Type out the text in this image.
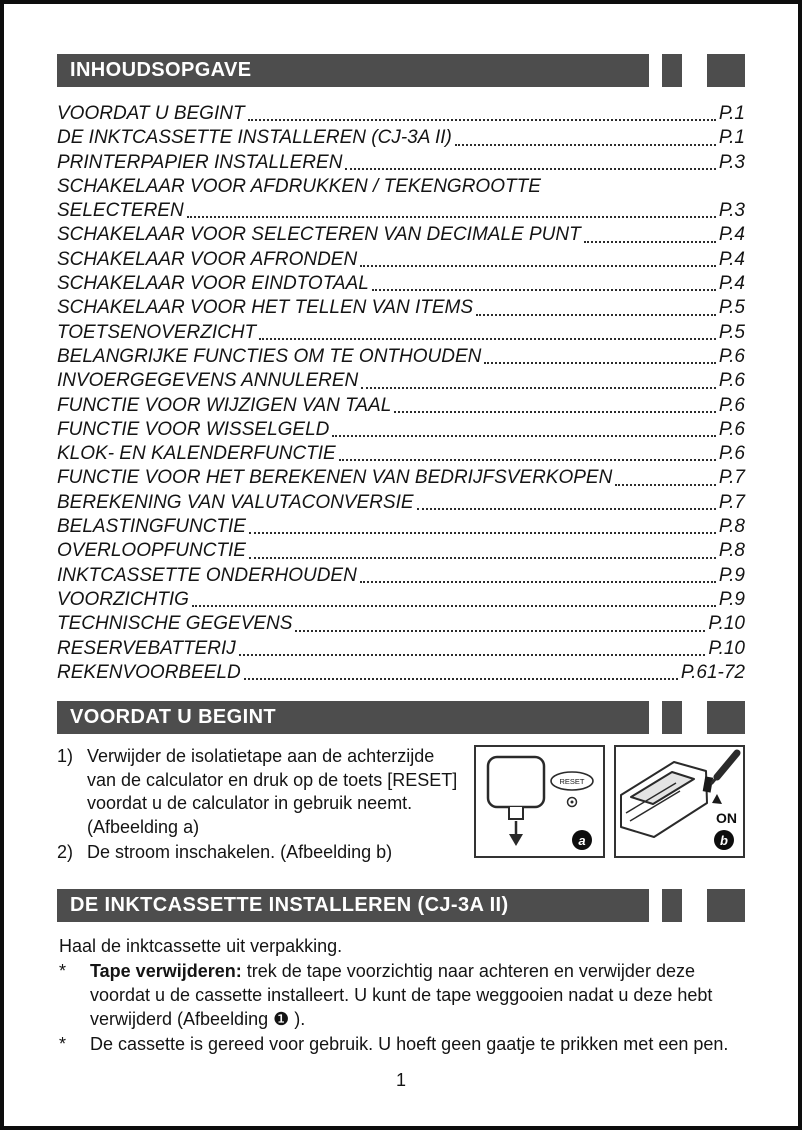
INHOUDSOPGAVE
VOORDAT U BEGINT	P.1
DE INKTCASSETTE INSTALLEREN (CJ-3A II)	P.1
PRINTERPAPIER INSTALLEREN	P.3
SCHAKELAAR VOOR AFDRUKKEN / TEKENGROOTTE
SELECTEREN	P.3
SCHAKELAAR VOOR SELECTEREN VAN DECIMALE PUNT	P.4
SCHAKELAAR VOOR AFRONDEN	P.4
SCHAKELAAR VOOR EINDTOTAAL	P.4
SCHAKELAAR VOOR HET TELLEN VAN ITEMS	P.5
TOETSENOVERZICHT	P.5
BELANGRIJKE FUNCTIES OM TE ONTHOUDEN	P.6
INVOERGEGEVENS ANNULEREN	P.6
FUNCTIE VOOR WIJZIGEN VAN TAAL	P.6
FUNCTIE VOOR WISSELGELD	P.6
KLOK- EN KALENDERFUNCTIE	P.6
FUNCTIE VOOR HET BEREKENEN VAN BEDRIJFSVERKOPEN	P.7
BEREKENING VAN VALUTACONVERSIE	P.7
BELASTINGFUNCTIE	P.8
OVERLOOPFUNCTIE	P.8
INKTCASSETTE ONDERHOUDEN	P.9
VOORZICHTIG	P.9
TECHNISCHE GEGEVENS	P.10
RESERVEBATTERIJ	P.10
REKENVOORBEELD	P.61-72
VOORDAT U BEGINT
1) Verwijder de isolatietape aan de achterzijde van de calculator en druk op de toets [RESET] voordat u de calculator in gebruik neemt. (Afbeelding a)
2) De stroom inschakelen. (Afbeelding b)
RESET
a
ON
b
DE INKTCASSETTE INSTALLEREN (CJ-3A II)
Haal de inktcassette uit verpakking.
*	Tape verwijderen: trek de tape voorzichtig naar achteren en verwijder deze voordat u de cassette installeert. U kunt de tape weggooien nadat u deze hebt verwijderd (Afbeelding ❶ ).
*	De cassette is gereed voor gebruik. U hoeft geen gaatje te prikken met een pen.
1
